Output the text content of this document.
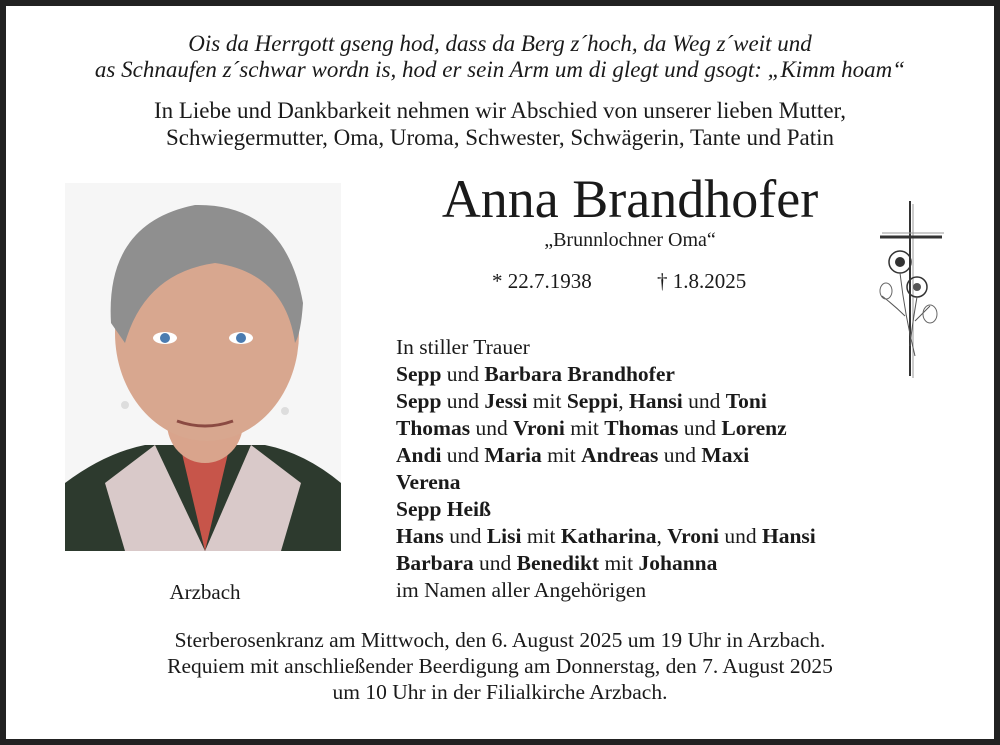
Ois da Herrgott gseng hod, dass da Berg z´hoch, da Weg z´weit und
as Schnaufen z´schwar wordn is, hod er sein Arm um di glegt und gsogt: „Kimm hoam“
In Liebe und Dankbarkeit nehmen wir Abschied von unserer lieben Mutter,
Schwiegermutter, Oma, Uroma, Schwester, Schwägerin, Tante und Patin
Arzbach
Anna Brandhofer
„Brunnlochner Oma“
* 22.7.1938	† 1.8.2025
In stiller Trauer
Sepp und Barbara Brandhofer
Sepp und Jessi mit Seppi, Hansi und Toni
Thomas und Vroni mit Thomas und Lorenz
Andi und Maria mit Andreas und Maxi
Verena
Sepp Heiß
Hans und Lisi mit Katharina, Vroni und Hansi
Barbara und Benedikt mit Johanna
im Namen aller Angehörigen
Sterberosenkranz am Mittwoch, den 6. August 2025 um 19 Uhr in Arzbach.
Requiem mit anschließender Beerdigung am Donnerstag, den 7. August 2025
um 10 Uhr in der Filialkirche Arzbach.
